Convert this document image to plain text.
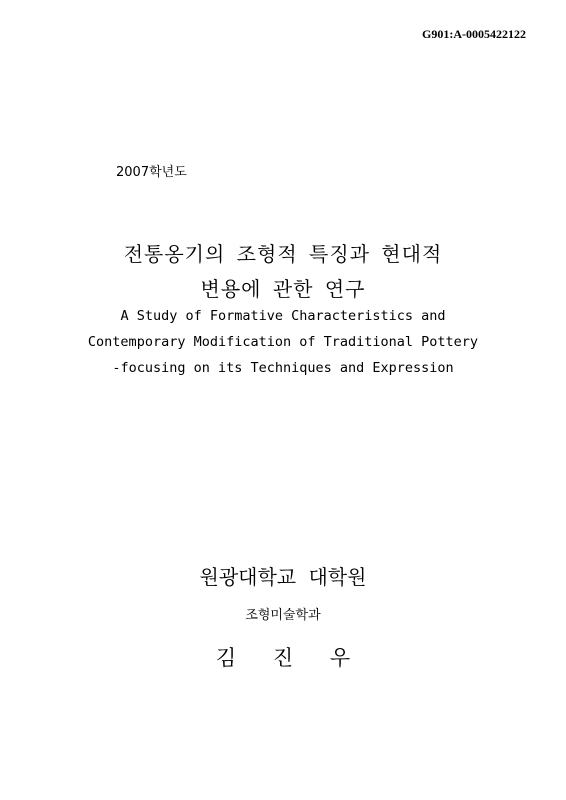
G901:A-0005422122
2007학년도
전통옹기의 조형적 특징과 현대적
변용에 관한 연구
A Study of Formative Characteristics and
Contemporary Modification of Traditional Pottery
-focusing on its Techniques and Expression
원광대학교 대학원
조형미술학과
김 진 우
